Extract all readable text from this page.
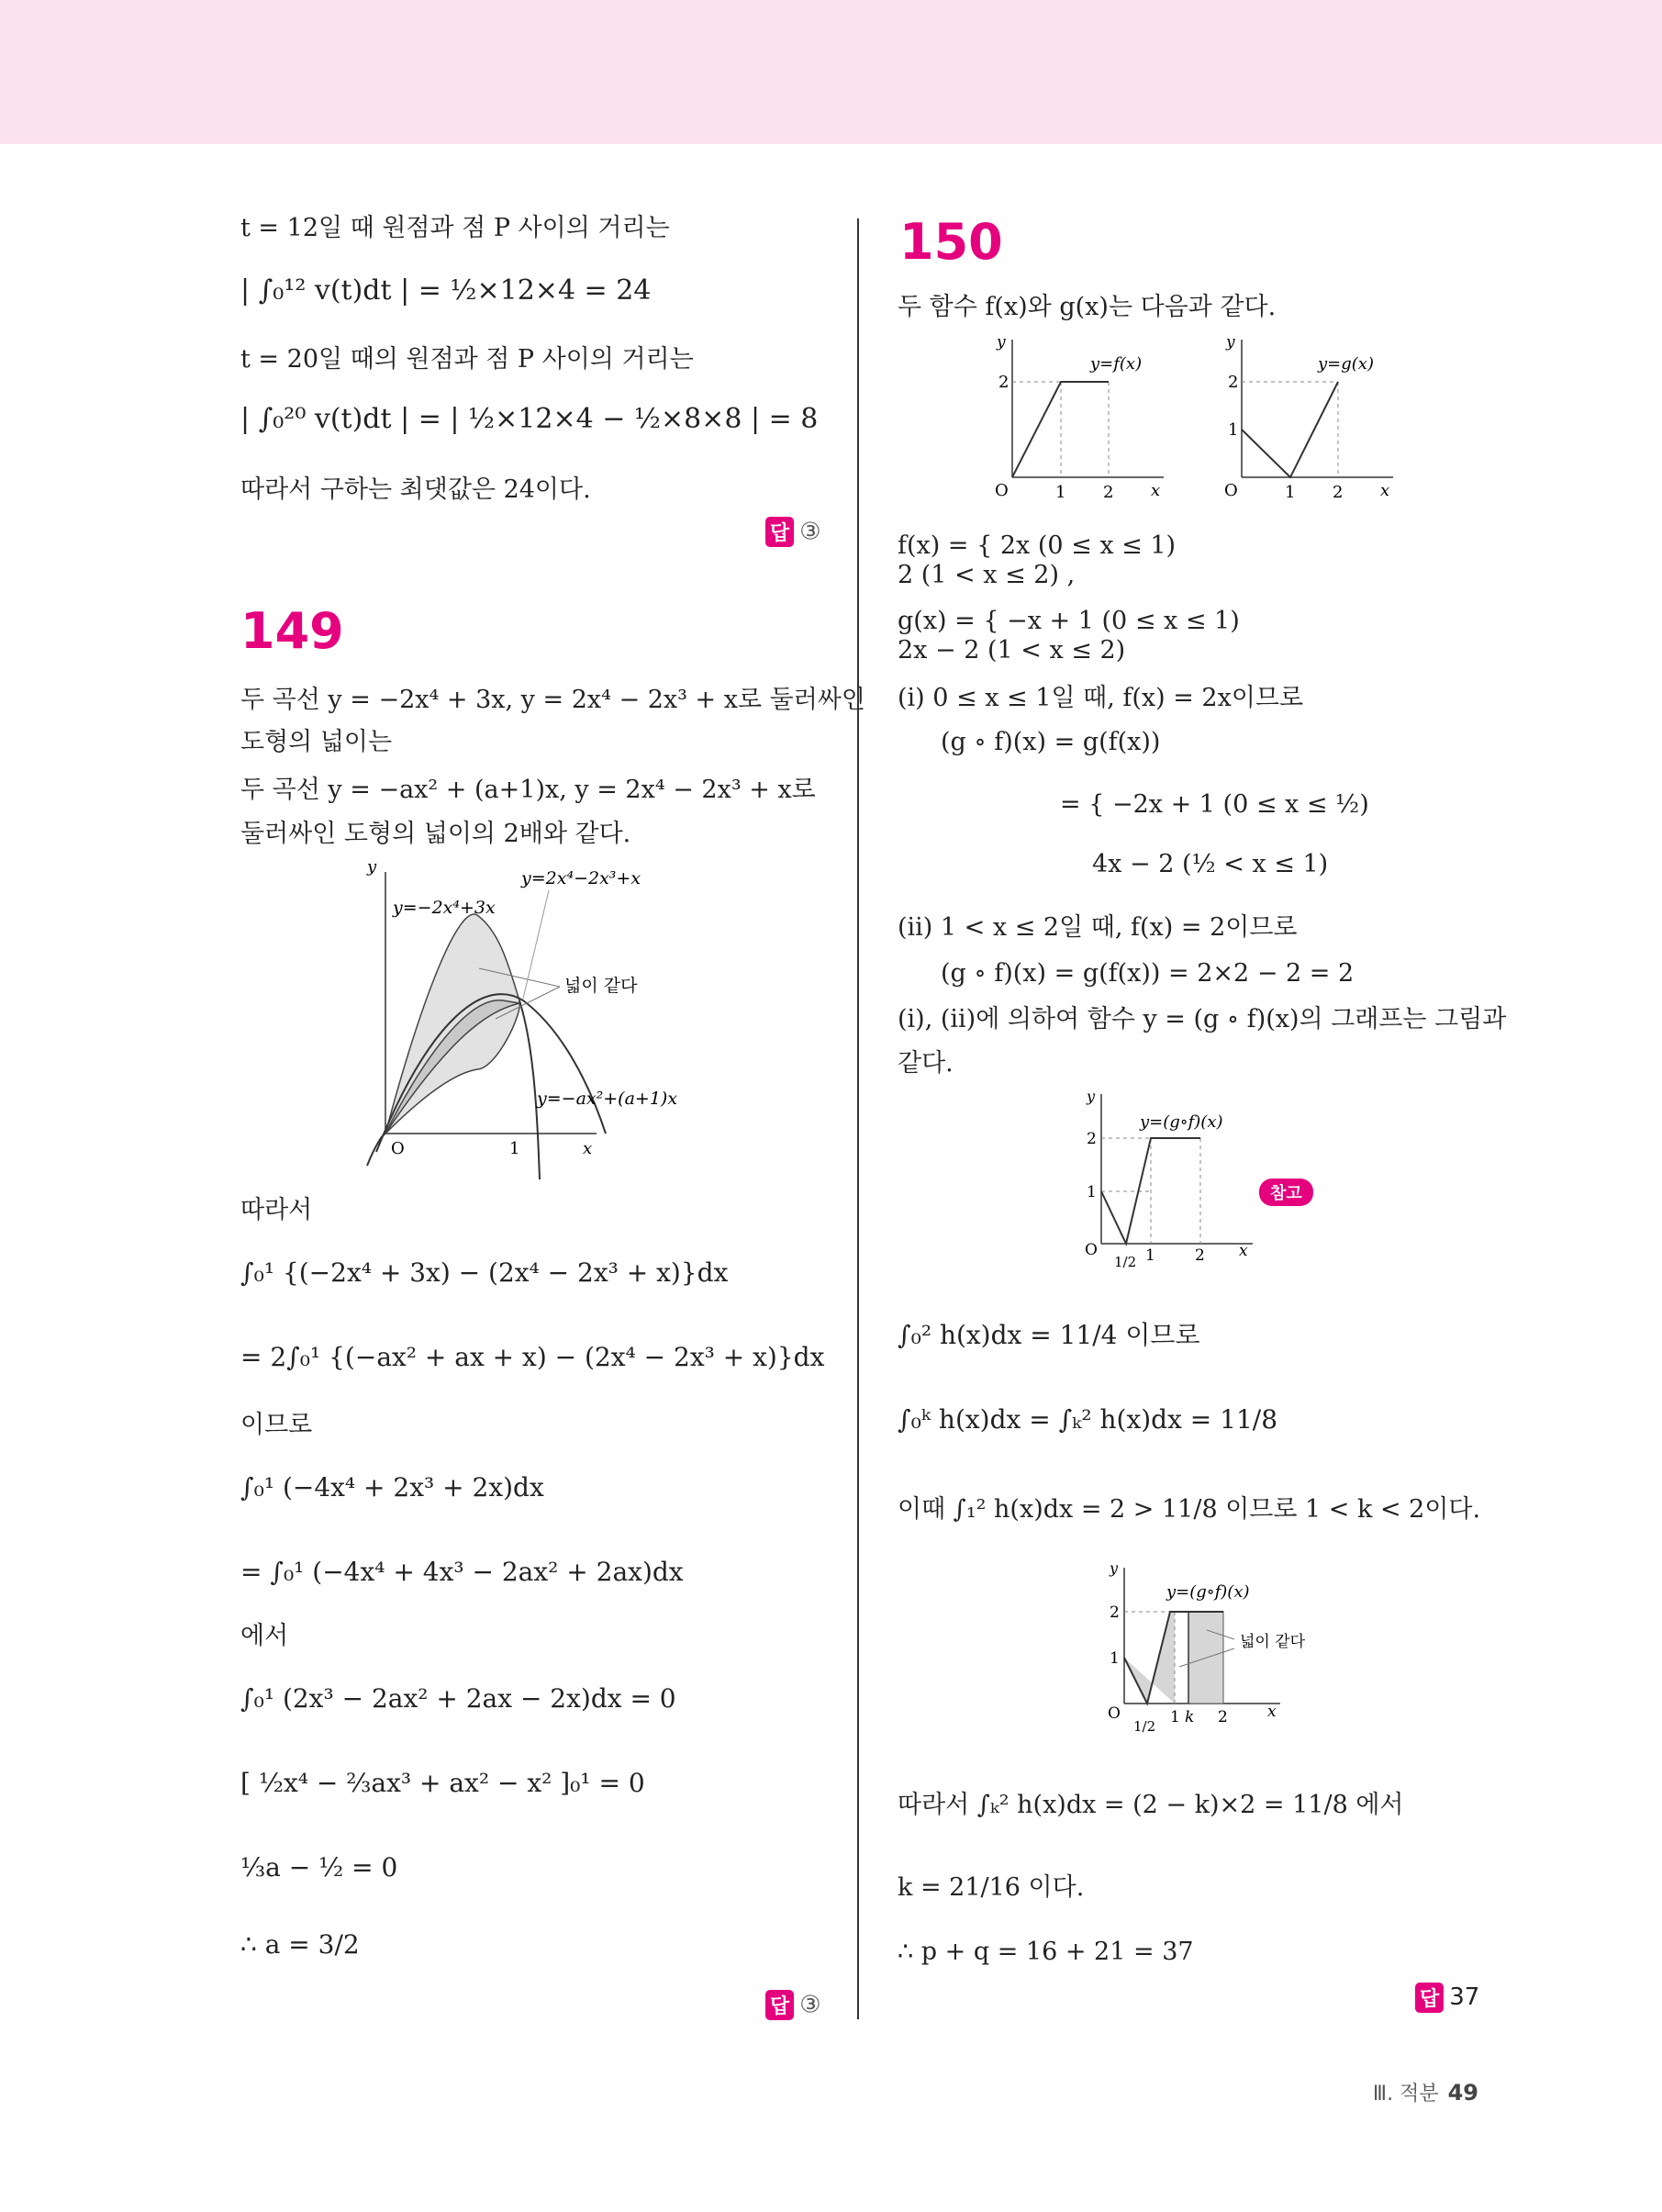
t = 12일 때 원점과 점 P 사이의 거리는
| ∫₀¹² v(t)dt | = ½×12×4 = 24
t = 20일 때의 원점과 점 P 사이의 거리는
| ∫₀²⁰ v(t)dt | = | ½×12×4 − ½×8×8 | = 8
따라서 구하는 최댓값은 24이다.
답 ③
149
두 곡선 y = −2x⁴ + 3x, y = 2x⁴ − 2x³ + x로 둘러싸인
도형의 넓이는
두 곡선 y = −ax² + (a+1)x, y = 2x⁴ − 2x³ + x로
둘러싸인 도형의 넓이의 2배와 같다.
y
y=−2x⁴+3x
y=2x⁴−2x³+x
넓이 같다
y=−ax²+(a+1)x
O	1	x
따라서
∫₀¹ {(−2x⁴ + 3x) − (2x⁴ − 2x³ + x)}dx
= 2∫₀¹ {(−ax² + ax + x) − (2x⁴ − 2x³ + x)}dx
이므로
∫₀¹ (−4x⁴ + 2x³ + 2x)dx
= ∫₀¹ (−4x⁴ + 4x³ − 2ax² + 2ax)dx
에서
∫₀¹ (2x³ − 2ax² + 2ax − 2x)dx = 0
[ ½x⁴ − ⅔ax³ + ax² − x² ]₀¹ = 0
⅓a − ½ = 0
∴ a = 3/2
답 ③
150
두 함수 f(x)와 g(x)는 다음과 같다.
y
y=f(x)
2
O	1 2 x
y
y=g(x)
2
1
O	1 2 x
f(x) = { 2x (0 ≤ x ≤ 1)
2 (1 < x ≤ 2) ,
g(x) = { −x + 1 (0 ≤ x ≤ 1)
2x − 2 (1 < x ≤ 2)
(i) 0 ≤ x ≤ 1일 때, f(x) = 2x이므로
(g ∘ f)(x) = g(f(x))
= { −2x + 1 (0 ≤ x ≤ ½)
4x − 2 (½ < x ≤ 1)
(ii) 1 < x ≤ 2일 때, f(x) = 2이므로
(g ∘ f)(x) = g(f(x)) = 2×2 − 2 = 2
(i), (ii)에 의하여 함수 y = (g ∘ f)(x)의 그래프는 그림과
같다.
y
y=(g∘f)(x)
2
1
O
1/2 1	2 x
참고
∫₀² h(x)dx = 11/4 이므로
∫₀ᵏ h(x)dx = ∫ₖ² h(x)dx = 11/8
이때 ∫₁² h(x)dx = 2 > 11/8 이므로 1 < k < 2이다.
y
y=(g∘f)(x)
넓이 같다
2
1
O
1/2 1 k 2	x
따라서 ∫ₖ² h(x)dx = (2 − k)×2 = 11/8 에서
k = 21/16 이다.
∴ p + q = 16 + 21 = 37
답 37
Ⅲ. 적분 49
